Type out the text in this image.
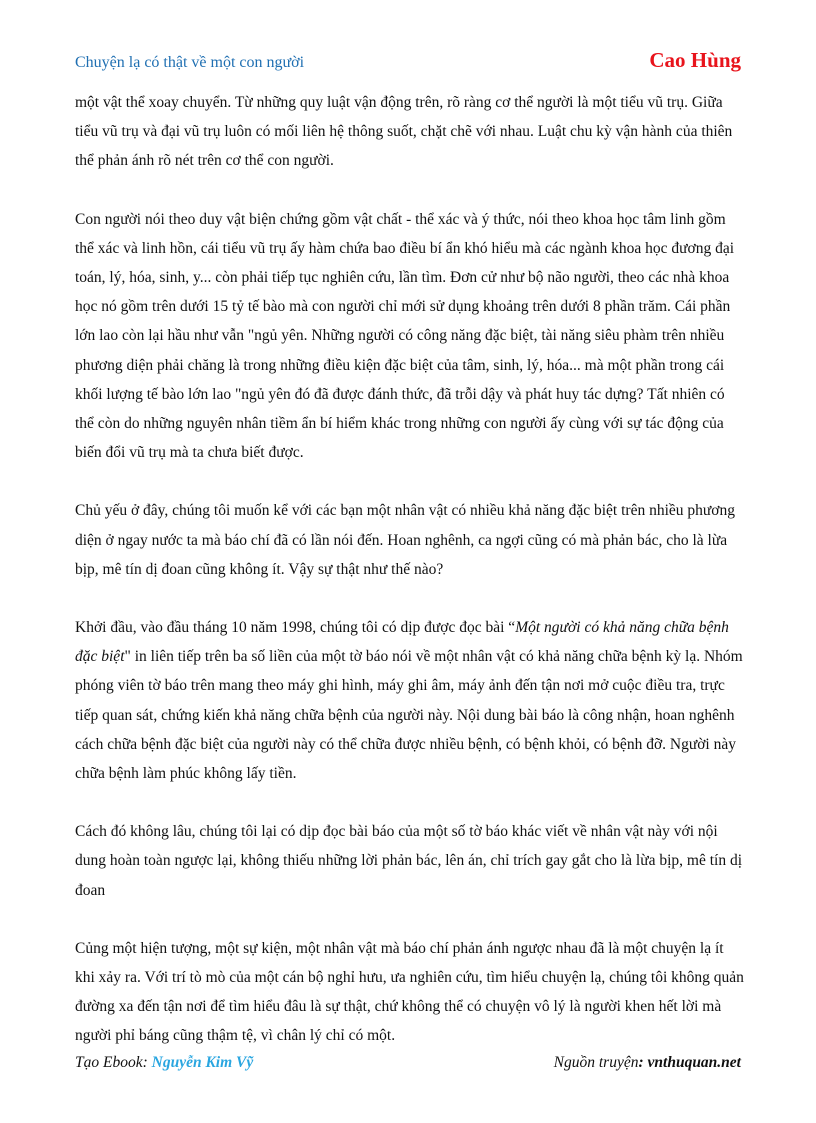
Chuyện lạ có thật về một con người	Cao Hùng

một vật thể xoay chuyển. Từ những quy luật vận động trên, rõ ràng cơ thể người là một tiểu vũ trụ. Giữa tiểu vũ trụ và đại vũ trụ luôn có mối liên hệ thông suốt, chặt chẽ với nhau. Luật chu kỳ vận hành của thiên thể phản ánh rõ nét trên cơ thể con người.

Con người nói theo duy vật biện chứng gồm vật chất - thể xác và ý thức, nói theo khoa học tâm linh gồm thể xác và linh hồn, cái tiểu vũ trụ ấy hàm chứa bao điều bí ẩn khó hiểu mà các ngành khoa học đương đại toán, lý, hóa, sinh, y... còn phải tiếp tục nghiên cứu, lần tìm. Đơn cử như bộ não người, theo các nhà khoa học nó gồm trên dưới 15 tỷ tế bào mà con người chỉ mới sử dụng khoảng trên dưới 8 phần trăm. Cái phần lớn lao còn lại hầu như vẫn "ngủ yên. Những người có công năng đặc biệt, tài năng siêu phàm trên nhiều phương diện phải chăng là trong những điều kiện đặc biệt của tâm, sinh, lý, hóa... mà một phần trong cái khối lượng tế bào lớn lao "ngủ yên đó đã được đánh thức, đã trỗi dậy và phát huy tác dựng? Tất nhiên có thể còn do những nguyên nhân tiềm ẩn bí hiểm khác trong những con người ấy cùng với sự tác động của biến đổi vũ trụ mà ta chưa biết được.

Chủ yếu ở đây, chúng tôi muốn kể với các bạn một nhân vật có nhiều khả năng đặc biệt trên nhiều phương diện ở ngay nước ta mà báo chí đã có lần nói đến. Hoan nghênh, ca ngợi cũng có mà phản bác, cho là lừa bịp, mê tín dị đoan cũng không ít. Vậy sự thật như thế nào?

Khởi đầu, vào đầu tháng 10 năm 1998, chúng tôi có dịp được đọc bài “Một người có khả năng chữa bệnh đặc biệt" in liên tiếp trên ba số liền của một tờ báo nói về một nhân vật có khả năng chữa bệnh kỳ lạ. Nhóm phóng viên tờ báo trên mang theo máy ghi hình, máy ghi âm, máy ảnh đến tận nơi mở cuộc điều tra, trực tiếp quan sát, chứng kiến khả năng chữa bệnh của người này. Nội dung bài báo là công nhận, hoan nghênh cách chữa bệnh đặc biệt của người này có thể chữa được nhiều bệnh, có bệnh khỏi, có bệnh đỡ. Người này chữa bệnh làm phúc không lấy tiền.

Cách đó không lâu, chúng tôi lại có dịp đọc bài báo của một số tờ báo khác viết về nhân vật này với nội dung hoàn toàn ngược lại, không thiếu những lời phản bác, lên án, chỉ trích gay gắt cho là lừa bịp, mê tín dị đoan

Củng một hiện tượng, một sự kiện, một nhân vật mà báo chí phản ánh ngược nhau đã là một chuyện lạ ít khi xảy ra. Với trí tò mò của một cán bộ nghỉ hưu, ưa nghiên cứu, tìm hiểu chuyện lạ, chúng tôi không quản đường xa đến tận nơi để tìm hiểu đâu là sự thật, chứ không thể có chuyện vô lý là người khen hết lời mà người phỉ báng cũng thậm tệ, vì chân lý chỉ có một.

Tạo Ebook: Nguyễn Kim Vỹ	Nguồn truyện: vnthuquan.net
